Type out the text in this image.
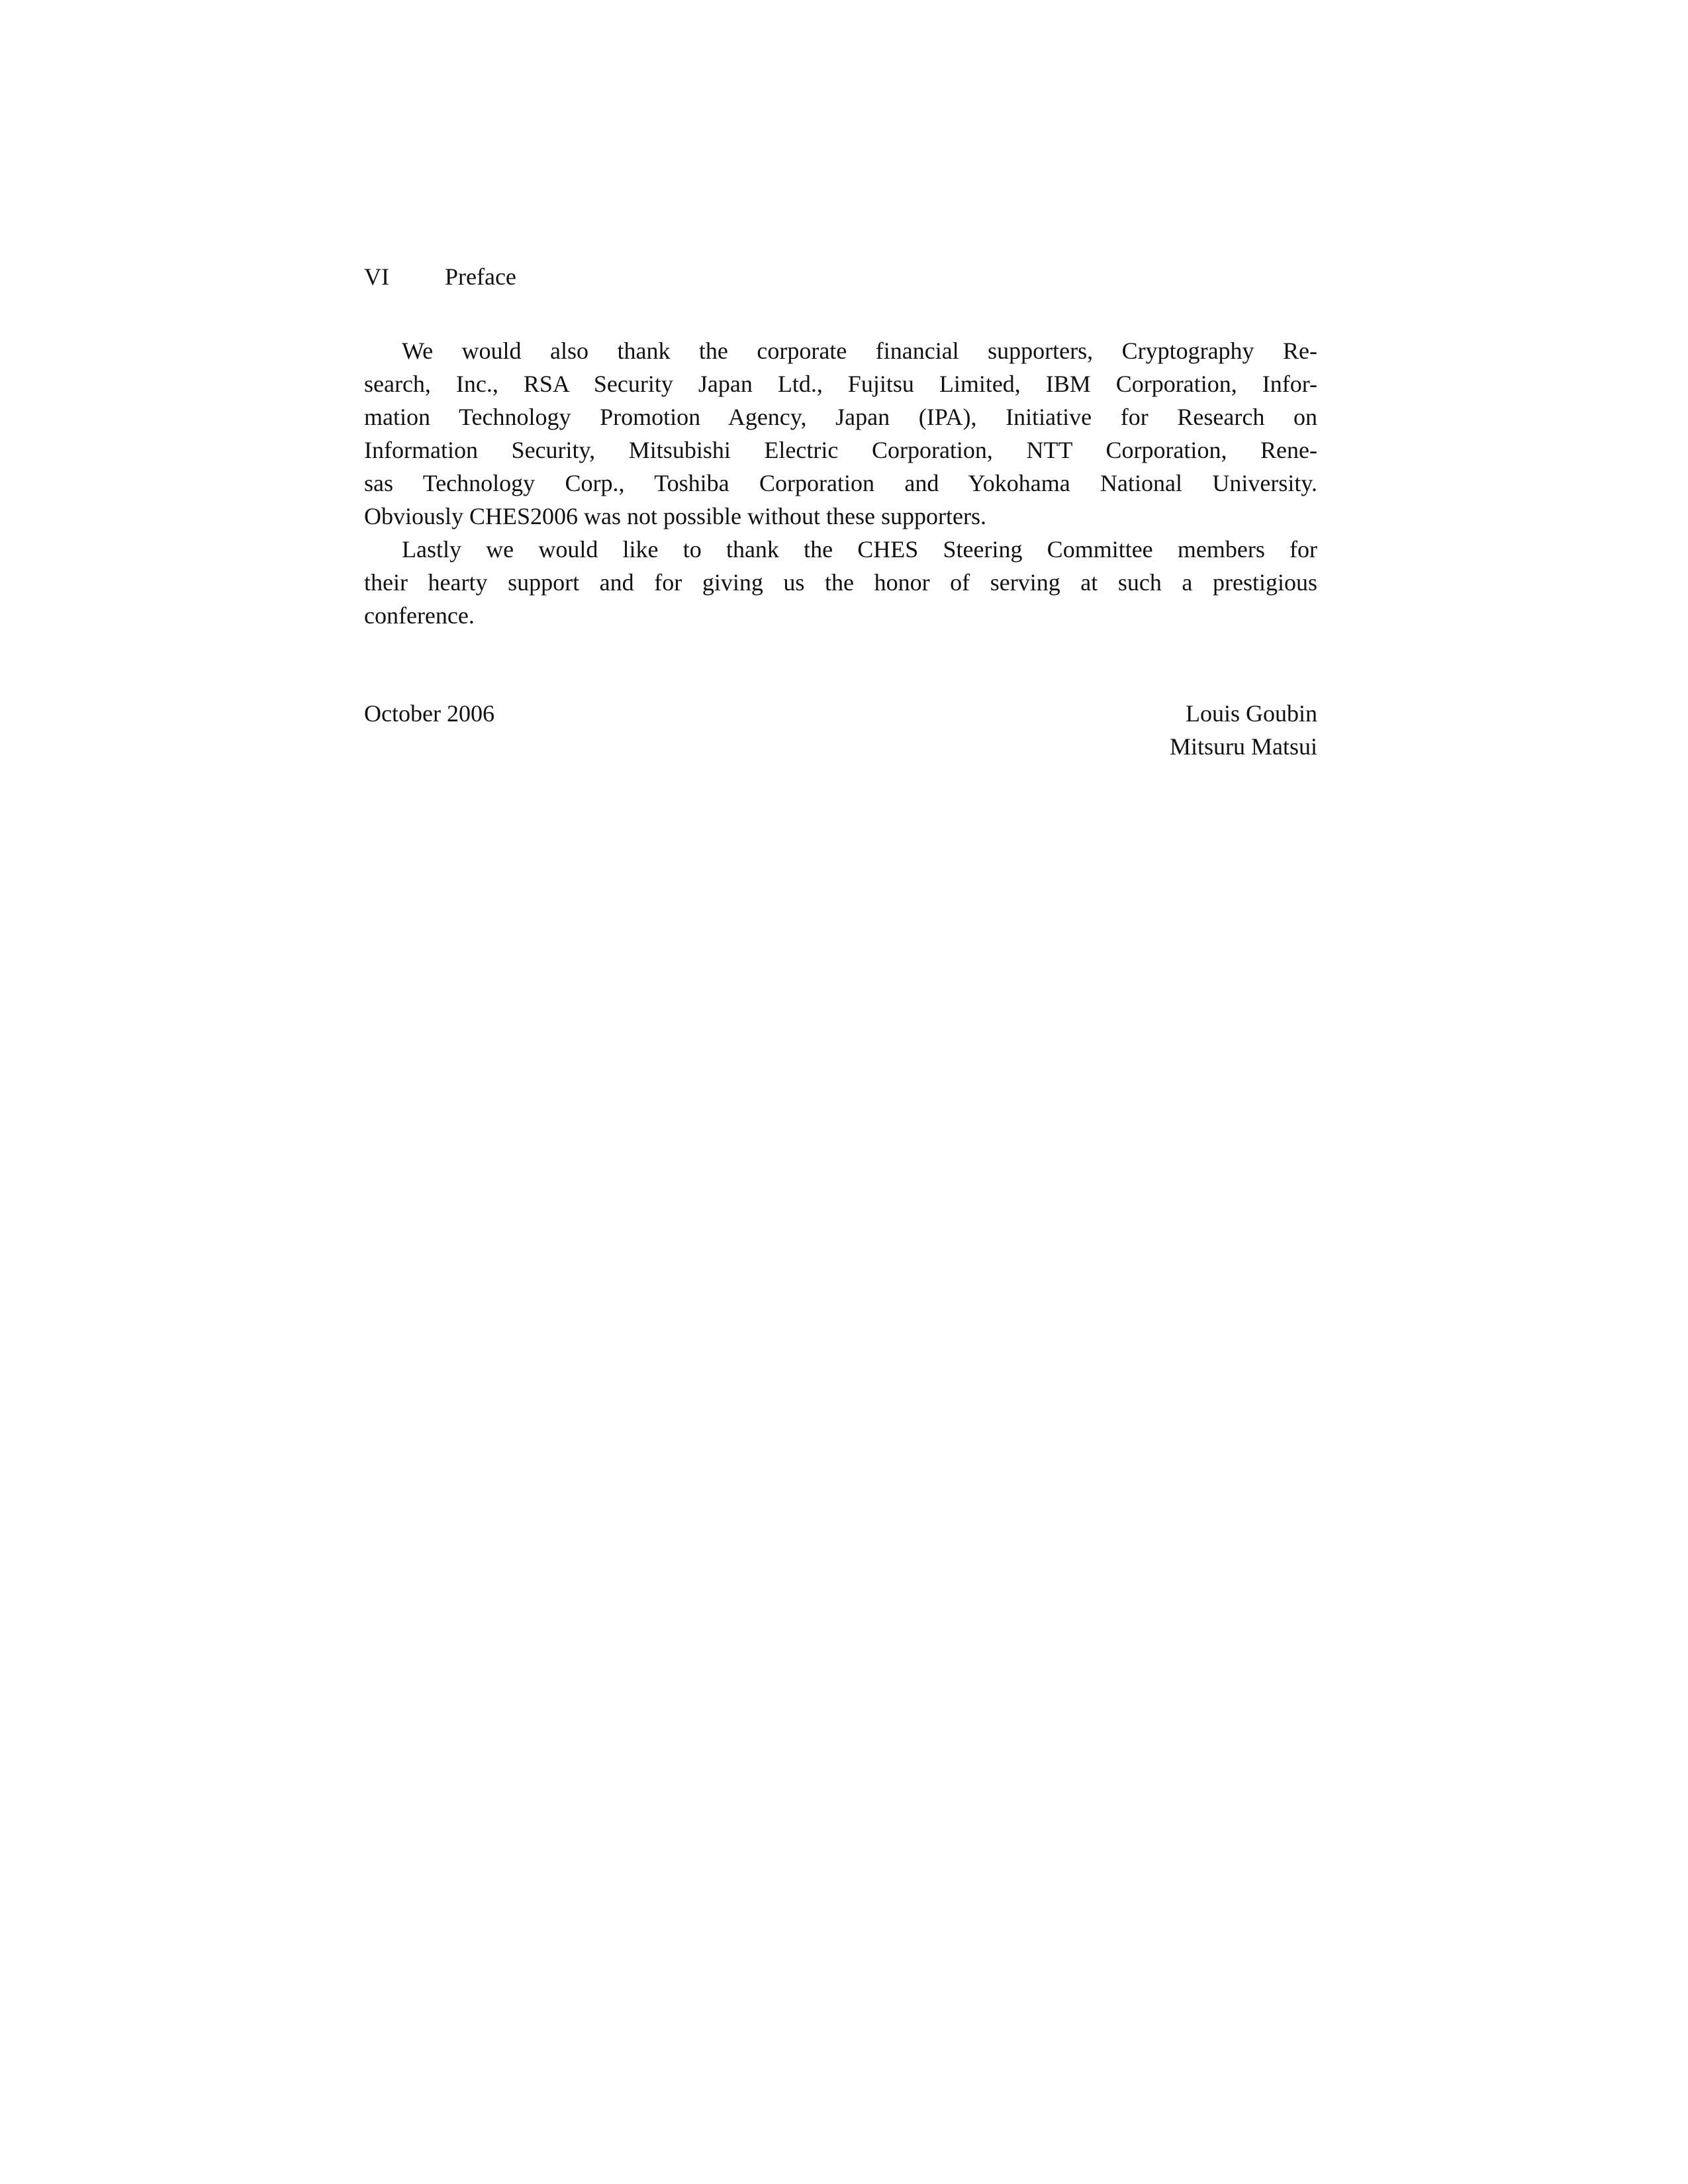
VI Preface
We would also thank the corporate financial supporters, Cryptography Re-
search, Inc., RSA Security Japan Ltd., Fujitsu Limited, IBM Corporation, Infor-
mation Technology Promotion Agency, Japan (IPA), Initiative for Research on
Information Security, Mitsubishi Electric Corporation, NTT Corporation, Rene-
sas Technology Corp., Toshiba Corporation and Yokohama National University.
Obviously CHES2006 was not possible without these supporters.
Lastly we would like to thank the CHES Steering Committee members for
their hearty support and for giving us the honor of serving at such a prestigious
conference.
October 2006	Louis Goubin
Mitsuru Matsui
